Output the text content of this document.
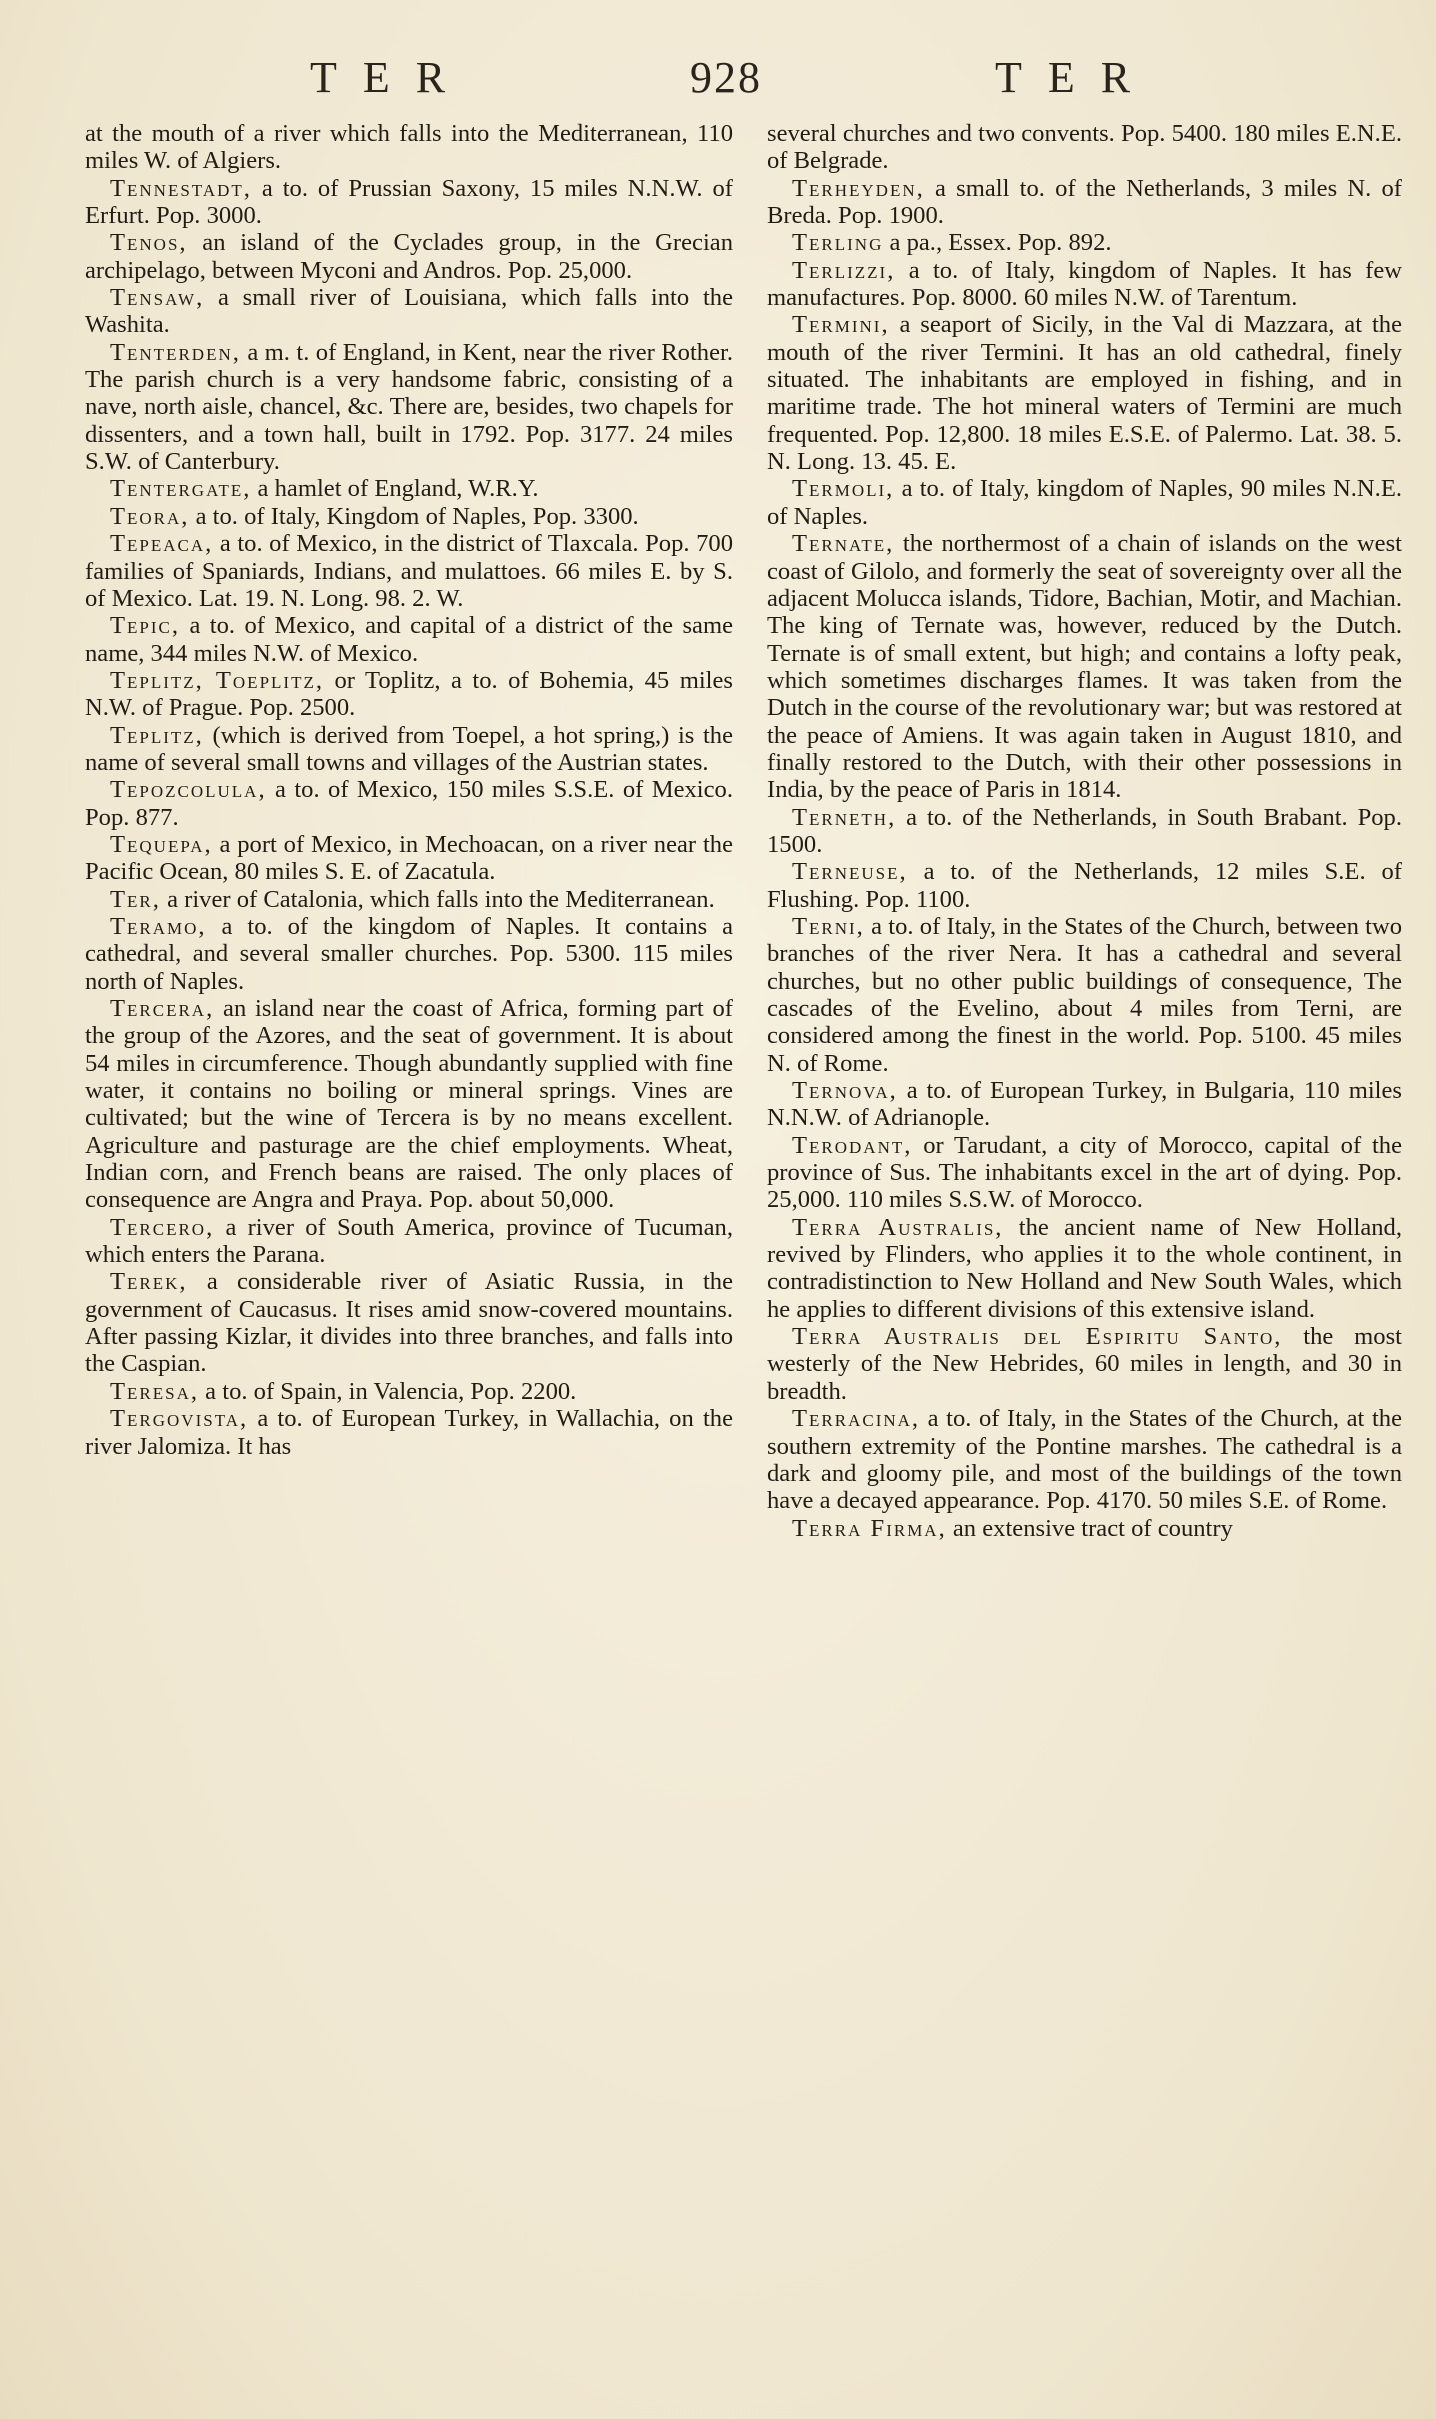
TER	928	TER

at the mouth of a river which falls into the Mediterranean, 110 miles W. of Algiers.

Tennestadt, a to. of Prussian Saxony, 15 miles N.N.W. of Erfurt. Pop. 3000.

Tenos, an island of the Cyclades group, in the Grecian archipelago, between Myconi and Andros. Pop. 25,000.

Tensaw, a small river of Louisiana, which falls into the Washita.

Tenterden, a m. t. of England, in Kent, near the river Rother. The parish church is a very handsome fabric, consisting of a nave, north aisle, chancel, &c. There are, besides, two chapels for dissenters, and a town hall, built in 1792. Pop. 3177. 24 miles S.W. of Canterbury.

Tentergate, a hamlet of England, W.R.Y.

Teora, a to. of Italy, Kingdom of Naples, Pop. 3300.

Tepeaca, a to. of Mexico, in the district of Tlaxcala. Pop. 700 families of Spaniards, Indians, and mulattoes. 66 miles E. by S. of Mexico. Lat. 19. N. Long. 98. 2. W.

Tepic, a to. of Mexico, and capital of a district of the same name, 344 miles N.W. of Mexico.

Teplitz, Toeplitz, or Toplitz, a to. of Bohemia, 45 miles N.W. of Prague. Pop. 2500.

Teplitz, (which is derived from Toepel, a hot spring,) is the name of several small towns and villages of the Austrian states.

Tepozcolula, a to. of Mexico, 150 miles S.S.E. of Mexico. Pop. 877.

Tequepa, a port of Mexico, in Mechoacan, on a river near the Pacific Ocean, 80 miles S. E. of Zacatula.

Ter, a river of Catalonia, which falls into the Mediterranean.

Teramo, a to. of the kingdom of Naples. It contains a cathedral, and several smaller churches. Pop. 5300. 115 miles north of Naples.

Tercera, an island near the coast of Africa, forming part of the group of the Azores, and the seat of government. It is about 54 miles in circumference. Though abundantly supplied with fine water, it contains no boiling or mineral springs. Vines are cultivated; but the wine of Tercera is by no means excellent. Agriculture and pasturage are the chief employments. Wheat, Indian corn, and French beans are raised. The only places of consequence are Angra and Praya. Pop. about 50,000.

Tercero, a river of South America, province of Tucuman, which enters the Parana.

Terek, a considerable river of Asiatic Russia, in the government of Caucasus. It rises amid snow-covered mountains. After passing Kizlar, it divides into three branches, and falls into the Caspian.

Teresa, a to. of Spain, in Valencia, Pop. 2200.

Tergovista, a to. of European Turkey, in Wallachia, on the river Jalomiza. It has

several churches and two convents. Pop. 5400. 180 miles E.N.E. of Belgrade.

Terheyden, a small to. of the Netherlands, 3 miles N. of Breda. Pop. 1900.

Terling a pa., Essex. Pop. 892.

Terlizzi, a to. of Italy, kingdom of Naples. It has few manufactures. Pop. 8000. 60 miles N.W. of Tarentum.

Termini, a seaport of Sicily, in the Val di Mazzara, at the mouth of the river Termini. It has an old cathedral, finely situated. The inhabitants are employed in fishing, and in maritime trade. The hot mineral waters of Termini are much frequented. Pop. 12,800. 18 miles E.S.E. of Palermo. Lat. 38. 5. N. Long. 13. 45. E.

Termoli, a to. of Italy, kingdom of Naples, 90 miles N.N.E. of Naples.

Ternate, the northermost of a chain of islands on the west coast of Gilolo, and formerly the seat of sovereignty over all the adjacent Molucca islands, Tidore, Bachian, Motir, and Machian. The king of Ternate was, however, reduced by the Dutch. Ternate is of small extent, but high; and contains a lofty peak, which sometimes discharges flames. It was taken from the Dutch in the course of the revolutionary war; but was restored at the peace of Amiens. It was again taken in August 1810, and finally restored to the Dutch, with their other possessions in India, by the peace of Paris in 1814.

Terneth, a to. of the Netherlands, in South Brabant. Pop. 1500.

Terneuse, a to. of the Netherlands, 12 miles S.E. of Flushing. Pop. 1100.

Terni, a to. of Italy, in the States of the Church, between two branches of the river Nera. It has a cathedral and several churches, but no other public buildings of consequence, The cascades of the Evelino, about 4 miles from Terni, are considered among the finest in the world. Pop. 5100. 45 miles N. of Rome.

Ternova, a to. of European Turkey, in Bulgaria, 110 miles N.N.W. of Adrianople.

Terodant, or Tarudant, a city of Morocco, capital of the province of Sus. The inhabitants excel in the art of dying. Pop. 25,000. 110 miles S.S.W. of Morocco.

Terra Australis, the ancient name of New Holland, revived by Flinders, who applies it to the whole continent, in contradistinction to New Holland and New South Wales, which he applies to different divisions of this extensive island.

Terra Australis del Espiritu Santo, the most westerly of the New Hebrides, 60 miles in length, and 30 in breadth.

Terracina, a to. of Italy, in the States of the Church, at the southern extremity of the Pontine marshes. The cathedral is a dark and gloomy pile, and most of the buildings of the town have a decayed appearance. Pop. 4170. 50 miles S.E. of Rome.

Terra Firma, an extensive tract of country
